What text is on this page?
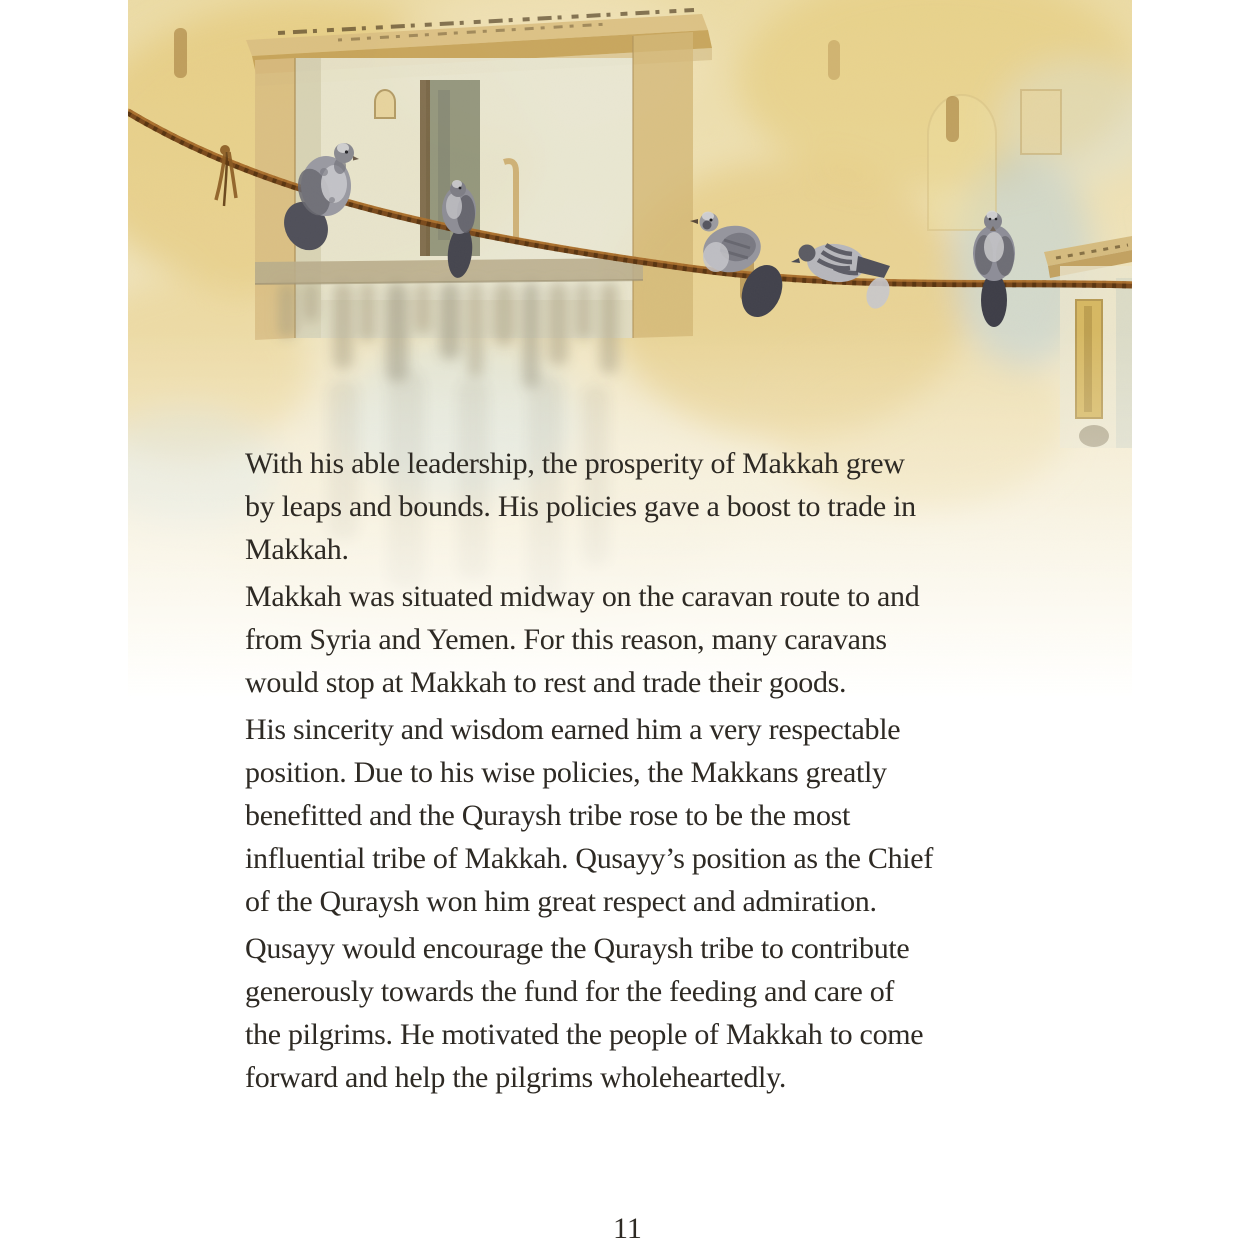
With his able leadership, the prosperity of Makkah grew
by leaps and bounds. His policies gave a boost to trade in
Makkah.

Makkah was situated midway on the caravan route to and
from Syria and Yemen. For this reason, many caravans
would stop at Makkah to rest and trade their goods.

His sincerity and wisdom earned him a very respectable
position. Due to his wise policies, the Makkans greatly
benefitted and the Quraysh tribe rose to be the most
influential tribe of Makkah. Qusayy’s position as the Chief
of the Quraysh won him great respect and admiration.

Qusayy would encourage the Quraysh tribe to contribute
generously towards the fund for the feeding and care of
the pilgrims. He motivated the people of Makkah to come
forward and help the pilgrims wholeheartedly.

11
